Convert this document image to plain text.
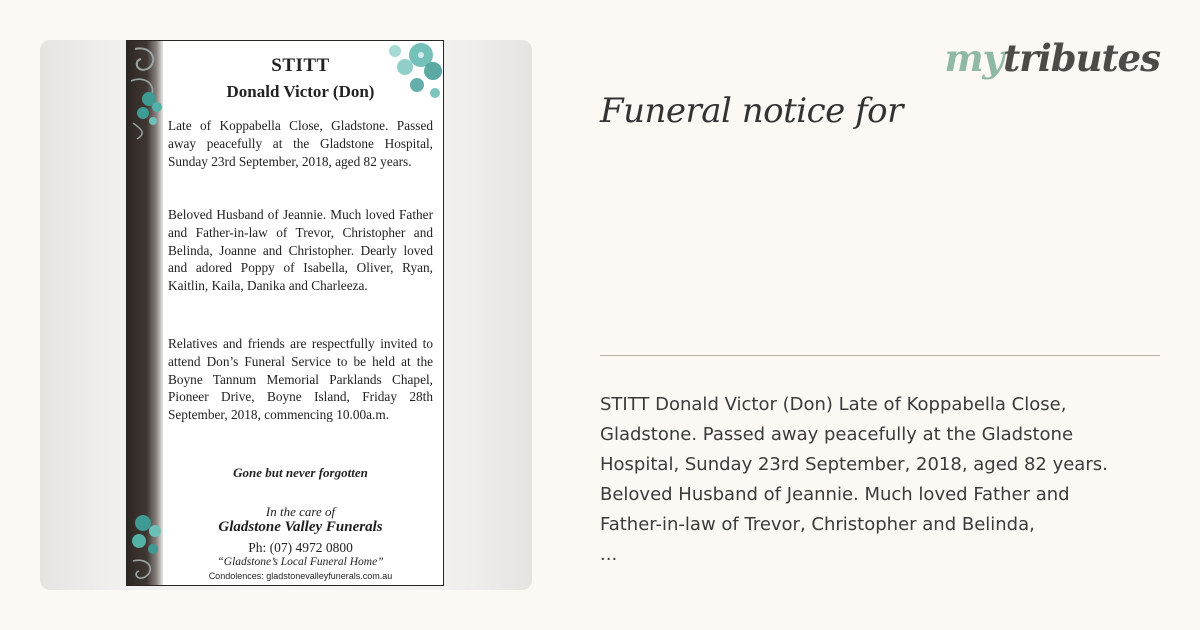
STITT
Donald Victor (Don)
Late of Koppabella Close, Gladstone. Passed away peacefully at the Gladstone Hospital, Sunday 23rd September, 2018, aged 82 years.
Beloved Husband of Jeannie. Much loved Father and Father-in-law of Trevor, Christopher and Belinda, Joanne and Christopher. Dearly loved and adored Poppy of Isabella, Oliver, Ryan, Kaitlin, Kaila, Danika and Charleeza.
Relatives and friends are respectfully invited to attend Don’s Funeral Service to be held at the Boyne Tannum Memorial Parklands Chapel, Pioneer Drive, Boyne Island, Friday 28th September, 2018, commencing 10.00a.m.
Gone but never forgotten
In the care of
Gladstone Valley Funerals
Ph: (07) 4972 0800
“Gladstone’s Local Funeral Home”
Condolences: gladstonevalleyfunerals.com.au
mytributes
Funeral notice for
STITT Donald Victor (Don) Late of Koppabella Close,
Gladstone. Passed away peacefully at the Gladstone
Hospital, Sunday 23rd September, 2018, aged 82 years.
Beloved Husband of Jeannie. Much loved Father and
Father-in-law of Trevor, Christopher and Belinda,
...
